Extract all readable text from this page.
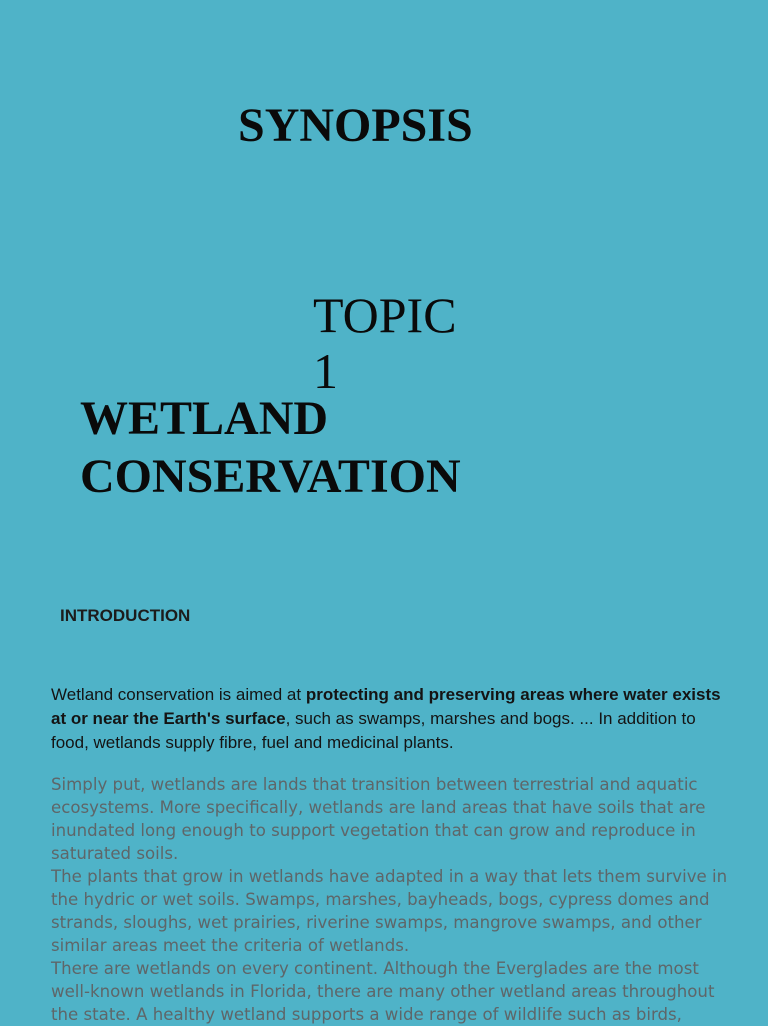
SYNOPSIS
TOPIC
1
WETLAND
CONSERVATION
INTRODUCTION
Wetland conservation is aimed at protecting and preserving areas where water exists at or near the Earth's surface, such as swamps, marshes and bogs. ... In addition to food, wetlands supply fibre, fuel and medicinal plants.

Simply put, wetlands are lands that transition between terrestrial and aquatic ecosystems. More specifically, wetlands are land areas that have soils that are inundated long enough to support vegetation that can grow and reproduce in saturated soils.

The plants that grow in wetlands have adapted in a way that lets them survive in the hydric or wet soils. Swamps, marshes, bayheads, bogs, cypress domes and strands, sloughs, wet prairies, riverine swamps, mangrove swamps, and other similar areas meet the criteria of wetlands.

There are wetlands on every continent. Although the Everglades are the most well-known wetlands in Florida, there are many other wetland areas throughout the state. A healthy wetland supports a wide range of wildlife such as birds,
